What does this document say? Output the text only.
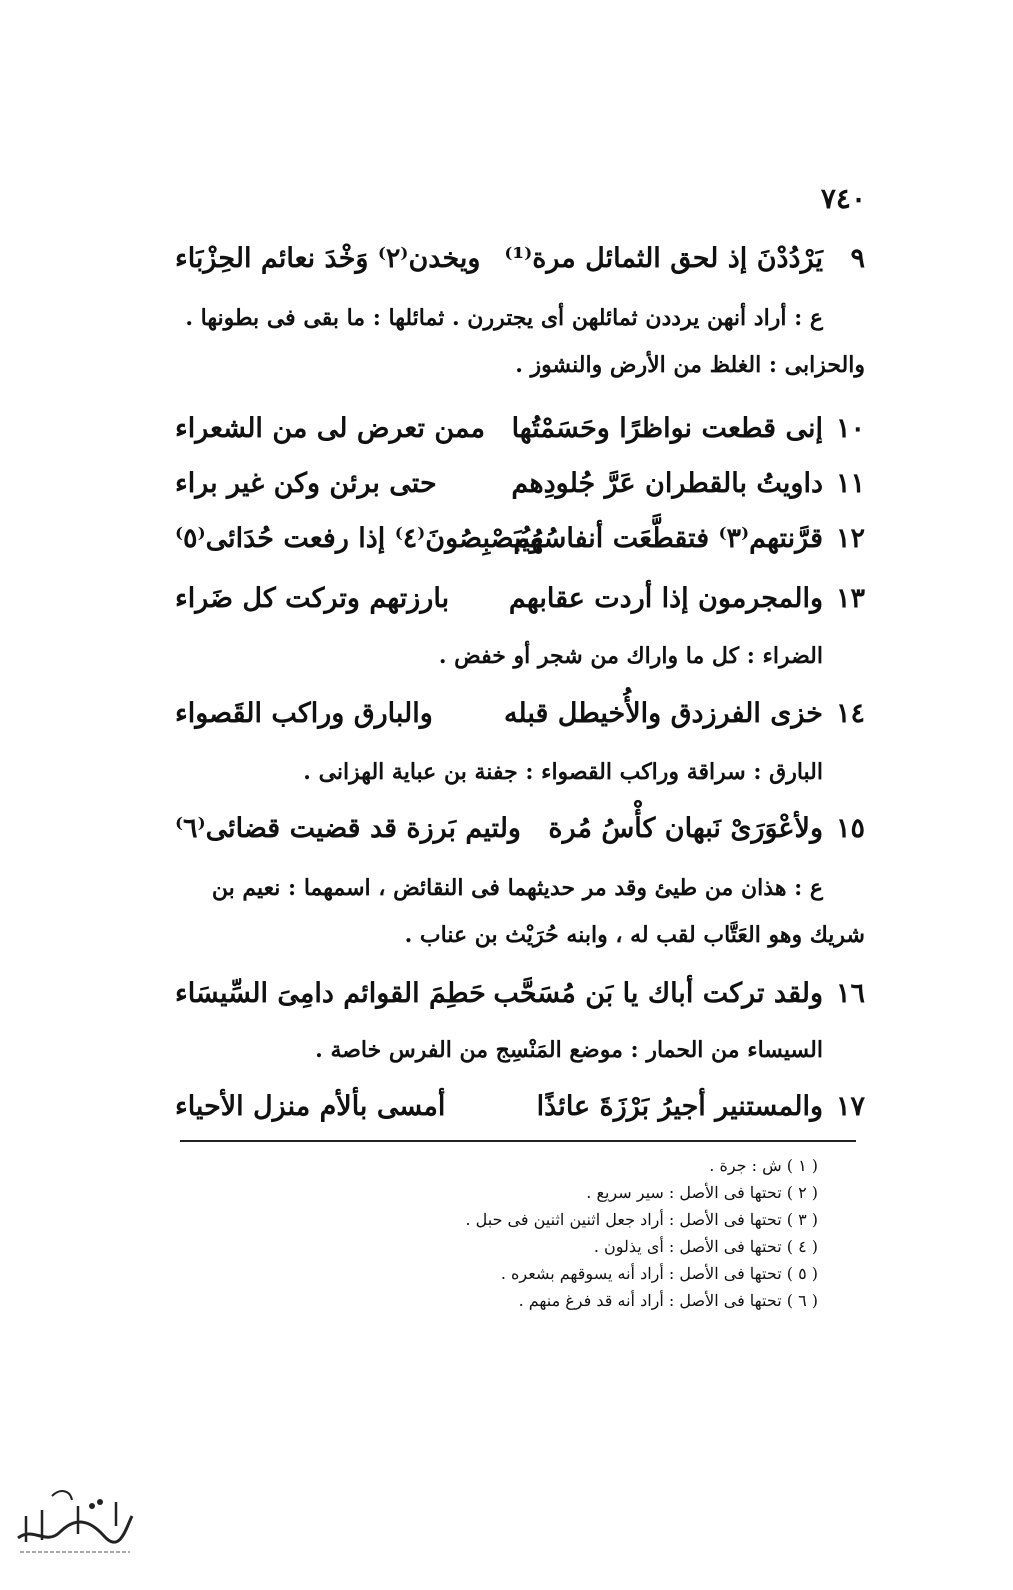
٧٤٠
٩
يَرْدُدْنَ إذ لحق الثمائل مرة⁽¹⁾
ويخدن⁽٢⁾ وَخْدَ نعائم الحِزْبَاء
ع : أراد أنهن يرددن ثمائلهن أى يجتررن . ثمائلها : ما بقى فى بطونها .
والحزابى : الغلظ من الأرض والنشوز .
١٠
إنى قطعت نواظرًا وحَسَمْتُها
ممن تعرض لى من الشعراء
١١
داويتُ بالقطران عَرَّ جُلودِهم
حتى برئن وكن غير براء
١٢
قرَّنتهم⁽٣⁾ فتقطَّعَت أنفاسُهُم
ويُبَصْبِصُونَ⁽٤⁾ إذا رفعت حُدَائى⁽٥⁾
١٣
والمجرمون إذا أردت عقابهم
بارزتهم وتركت كل ضَراء
الضراء : كل ما واراك من شجر أو خفض .
١٤
خزى الفرزدق والأُخيطل قبله
والبارق وراكب القَصواء
البارق : سراقة وراكب القصواء : جفنة بن عباية الهزانى .
١٥
ولأعْوَرَىْ نَبهان كأْسُ مُرة
ولتيم بَرزة قد قضيت قضائى⁽٦⁾
ع : هذان من طيئ وقد مر حديثهما فى النقائض ، اسمهما : نعيم بن
شريك وهو العَتَّاب لقب له ، وابنه حُرَيْث بن عناب .
١٦
ولقد تركت أباك يا بَن مُسَحَّب
حَطِمَ القوائم دامِىَ السِّيسَاء
السيساء من الحمار : موضع المَنْسِج من الفرس خاصة .
١٧
والمستنير أجيرُ بَرْزَةَ عائذًا
أمسى بألأم منزل الأحياء
( ١ ) ش : جرة .
( ٢ ) تحتها فى الأصل : سير سريع .
( ٣ ) تحتها فى الأصل : أراد جعل اثنين اثنين فى حبل .
( ٤ ) تحتها فى الأصل : أى يذلون .
( ٥ ) تحتها فى الأصل : أراد أنه يسوقهم بشعره .
( ٦ ) تحتها فى الأصل : أراد أنه قد فرغ منهم .
